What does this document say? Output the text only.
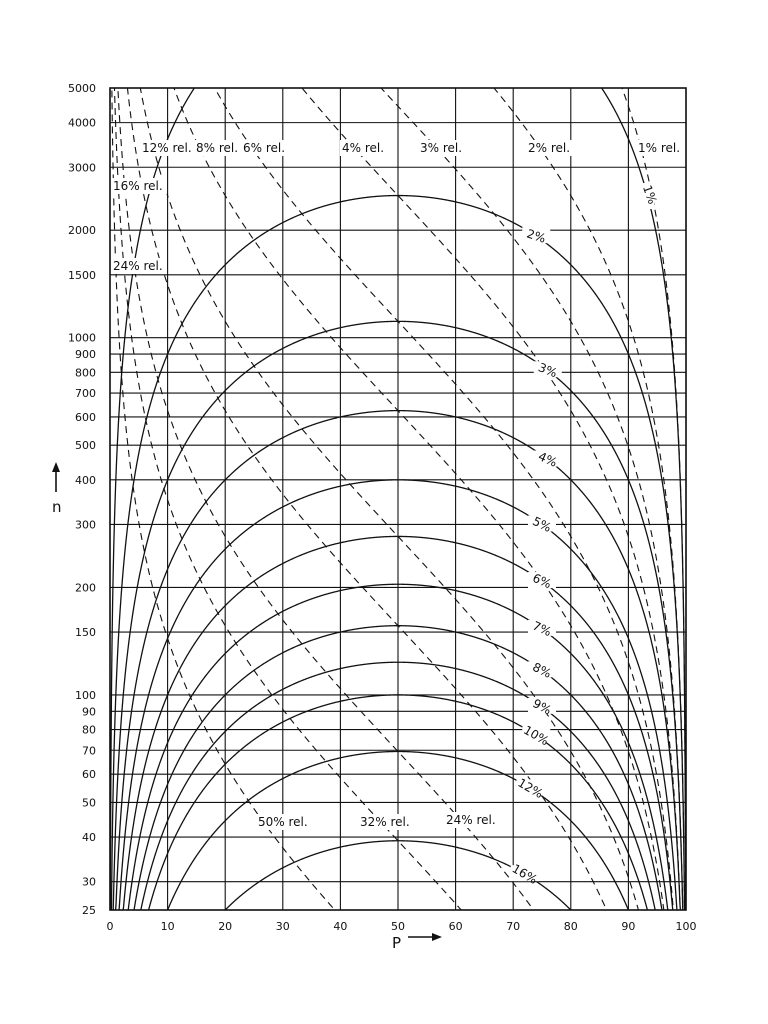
2%
3%
4%
5%
6%
7%
8%
9%
10%
12%
16%
1%
12% rel. 8% rel. 6% rel.	4% rel.	3% rel.	2% rel.	1% rel.
16% rel.
24% rel.
50% rel.	32% rel.	24% rel.
0	10	20	30	40	50	60	70	80	90	100
25
30
40
50
60
70
80
90
100
150
200
300
400
500
600
700
800
900
1000
1500
2000
3000
4000
5000
P
n
